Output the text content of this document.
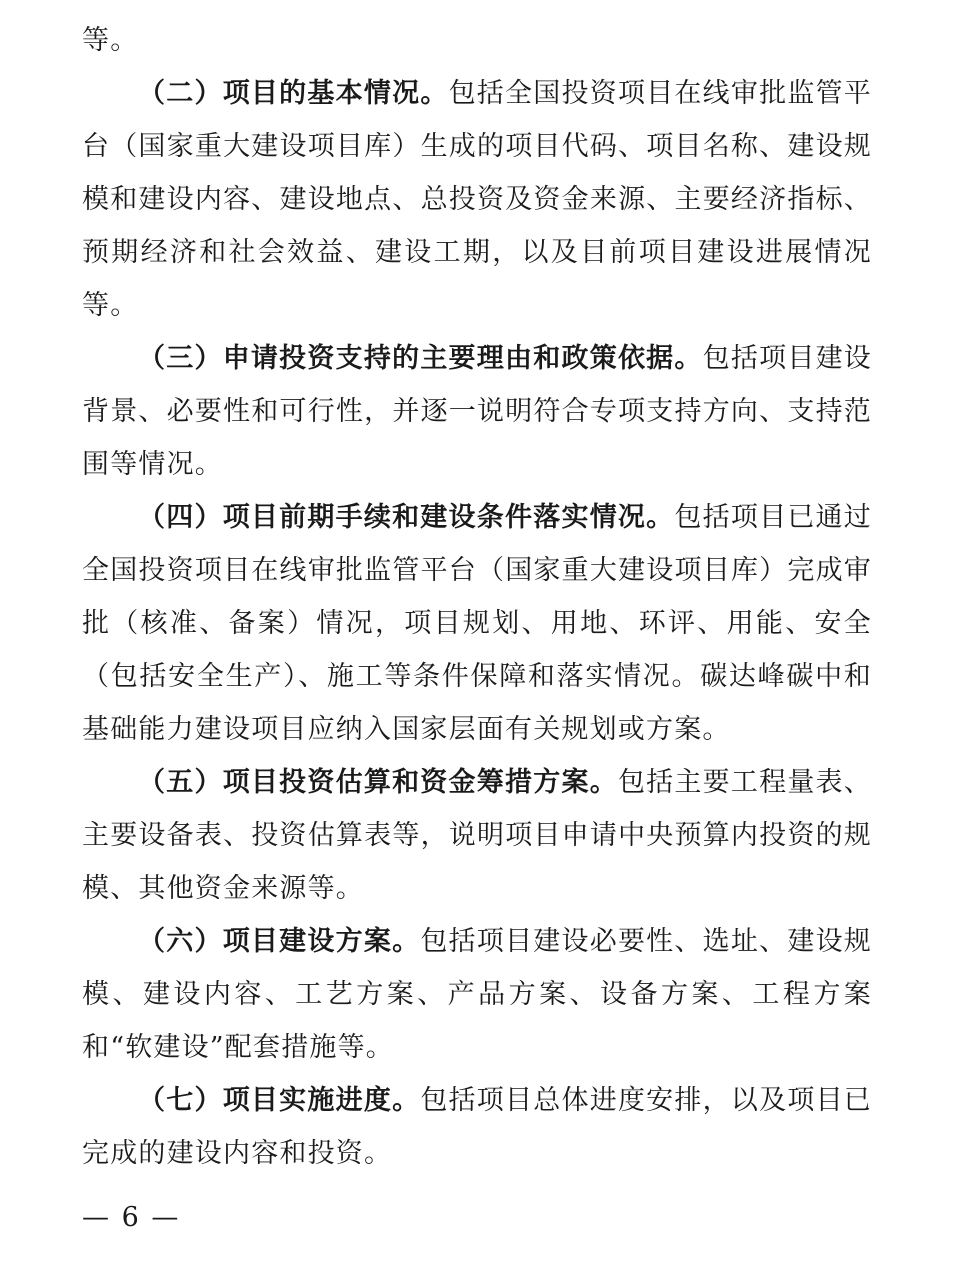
等。

（二）项目的基本情况。包括全国投资项目在线审批监管平台（国家重大建设项目库）生成的项目代码、项目名称、建设规模和建设内容、建设地点、总投资及资金来源、主要经济指标、预期经济和社会效益、建设工期，以及目前项目建设进展情况等。

（三）申请投资支持的主要理由和政策依据。包括项目建设背景、必要性和可行性，并逐一说明符合专项支持方向、支持范围等情况。

（四）项目前期手续和建设条件落实情况。包括项目已通过全国投资项目在线审批监管平台（国家重大建设项目库）完成审批（核准、备案）情况，项目规划、用地、环评、用能、安全（包括安全生产）、施工等条件保障和落实情况。碳达峰碳中和基础能力建设项目应纳入国家层面有关规划或方案。

（五）项目投资估算和资金筹措方案。包括主要工程量表、主要设备表、投资估算表等，说明项目申请中央预算内投资的规模、其他资金来源等。

（六）项目建设方案。包括项目建设必要性、选址、建设规模、建设内容、工艺方案、产品方案、设备方案、工程方案和“软建设”配套措施等。

（七）项目实施进度。包括项目总体进度安排，以及项目已完成的建设内容和投资。

— 6 —
